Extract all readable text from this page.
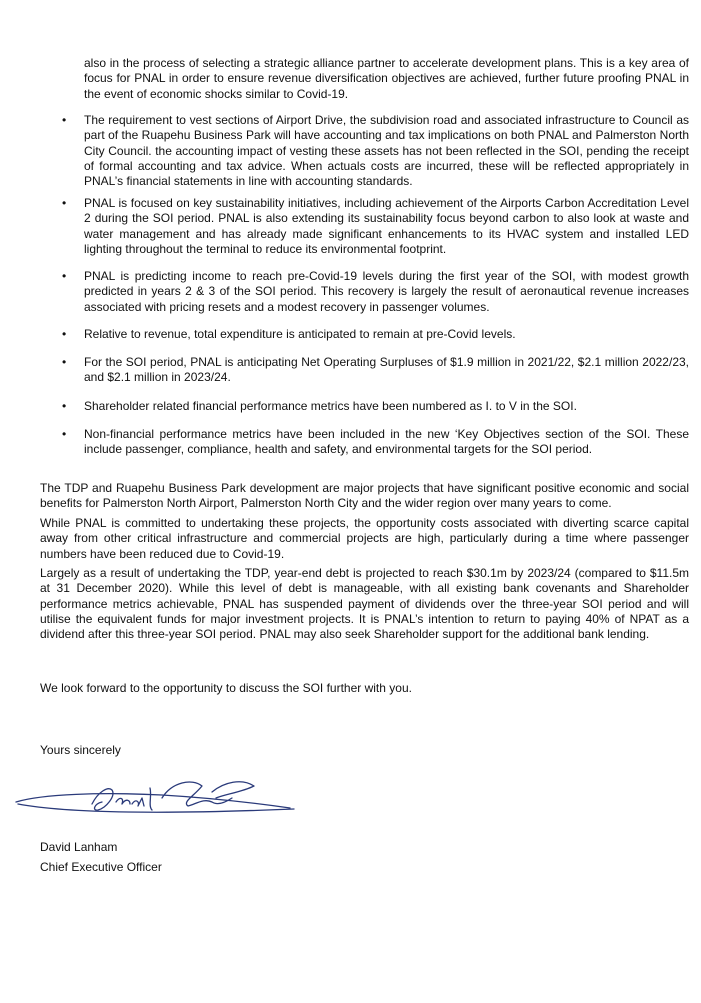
also in the process of selecting a strategic alliance partner to accelerate development plans. This is a key area of focus for PNAL in order to ensure revenue diversification objectives are achieved, further future proofing PNAL in the event of economic shocks similar to Covid-19.

• The requirement to vest sections of Airport Drive, the subdivision road and associated infrastructure to Council as part of the Ruapehu Business Park will have accounting and tax implications on both PNAL and Palmerston North City Council. the accounting impact of vesting these assets has not been reflected in the SOI, pending the receipt of formal accounting and tax advice. When actuals costs are incurred, these will be reflected appropriately in PNAL’s financial statements in line with accounting standards.

• PNAL is focused on key sustainability initiatives, including achievement of the Airports Carbon Accreditation Level 2 during the SOI period. PNAL is also extending its sustainability focus beyond carbon to also look at waste and water management and has already made significant enhancements to its HVAC system and installed LED lighting throughout the terminal to reduce its environmental footprint.

• PNAL is predicting income to reach pre-Covid-19 levels during the first year of the SOI, with modest growth predicted in years 2 & 3 of the SOI period. This recovery is largely the result of aeronautical revenue increases associated with pricing resets and a modest recovery in passenger volumes.

• Relative to revenue, total expenditure is anticipated to remain at pre-Covid levels.

• For the SOI period, PNAL is anticipating Net Operating Surpluses of $1.9 million in 2021/22, $2.1 million 2022/23, and $2.1 million in 2023/24.

• Shareholder related financial performance metrics have been numbered as I. to V in the SOI.

• Non-financial performance metrics have been included in the new ‘Key Objectives section of the SOI. These include passenger, compliance, health and safety, and environmental targets for the SOI period.

The TDP and Ruapehu Business Park development are major projects that have significant positive economic and social benefits for Palmerston North Airport, Palmerston North City and the wider region over many years to come.

While PNAL is committed to undertaking these projects, the opportunity costs associated with diverting scarce capital away from other critical infrastructure and commercial projects are high, particularly during a time where passenger numbers have been reduced due to Covid-19.

Largely as a result of undertaking the TDP, year-end debt is projected to reach $30.1m by 2023/24 (compared to $11.5m at 31 December 2020). While this level of debt is manageable, with all existing bank covenants and Shareholder performance metrics achievable, PNAL has suspended payment of dividends over the three-year SOI period and will utilise the equivalent funds for major investment projects. It is PNAL’s intention to return to paying 40% of NPAT as a dividend after this three-year SOI period. PNAL may also seek Shareholder support for the additional bank lending.

We look forward to the opportunity to discuss the SOI further with you.

Yours sincerely

David Lanham

Chief Executive Officer
